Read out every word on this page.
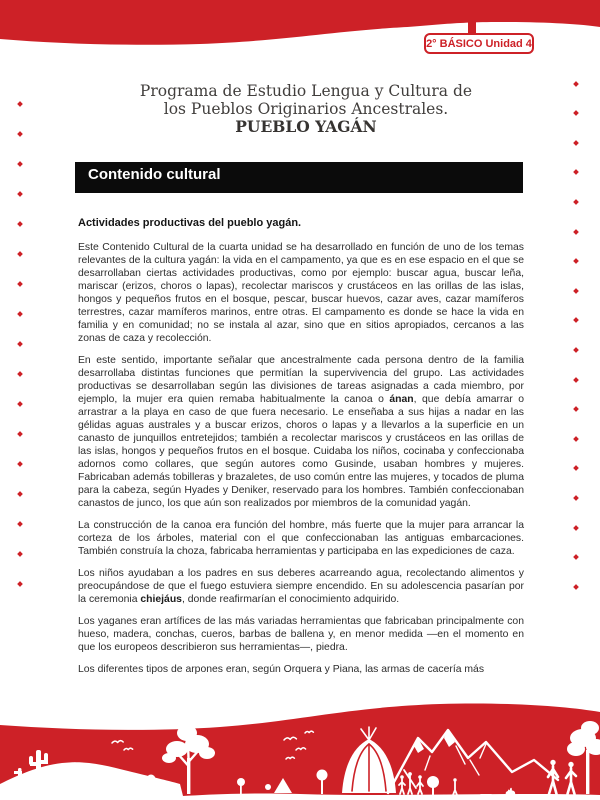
2° BÁSICO Unidad 4
Programa de Estudio Lengua y Cultura de
los Pueblos Originarios Ancestrales.
PUEBLO YAGÁN
Contenido cultural
Actividades productivas del pueblo yagán.

Este Contenido Cultural de la cuarta unidad se ha desarrollado en función de uno de los temas relevantes de la cultura yagán: la vida en el campamento, ya que es en ese espacio en el que se desarrollaban ciertas actividades productivas, como por ejemplo: buscar agua, buscar leña, mariscar (erizos, choros o lapas), recolectar mariscos y crustáceos en las orillas de las islas, hongos y pequeños frutos en el bosque, pescar, buscar huevos, cazar aves, cazar mamíferos terrestres, cazar mamíferos marinos, entre otras. El campamento es donde se hace la vida en familia y en comunidad; no se instala al azar, sino que en sitios apropiados, cercanos a las zonas de caza y recolección.

En este sentido, importante señalar que ancestralmente cada persona dentro de la familia desarrollaba distintas funciones que permitían la supervivencia del grupo. Las actividades productivas se desarrollaban según las divisiones de tareas asignadas a cada miembro, por ejemplo, la mujer era quien remaba habitualmente la canoa o ánan, que debía amarrar o arrastrar a la playa en caso de que fuera necesario. Le enseñaba a sus hijas a nadar en las gélidas aguas australes y a buscar erizos, choros o lapas y a llevarlos a la superficie en un canasto de junquillos entretejidos; también a recolectar mariscos y crustáceos en las orillas de las islas, hongos y pequeños frutos en el bosque. Cuidaba los niños, cocinaba y confeccionaba adornos como collares, que según autores como Gusinde, usaban hombres y mujeres. Fabricaban además tobilleras y brazaletes, de uso común entre las mujeres, y tocados de pluma para la cabeza, según Hyades y Deniker, reservado para los hombres. También confeccionaban canastos de junco, los que aún son realizados por miembros de la comunidad yagán.

La construcción de la canoa era función del hombre, más fuerte que la mujer para arrancar la corteza de los árboles, material con el que confeccionaban las antiguas embarcaciones. También construía la choza, fabricaba herramientas y participaba en las expediciones de caza.

Los niños ayudaban a los padres en sus deberes acarreando agua, recolectando alimentos y preocupándose de que el fuego estuviera siempre encendido. En su adolescencia pasarían por la ceremonia chiejáus, donde reafirmarían el conocimiento adquirido.

Los yaganes eran artífices de las más variadas herramientas que fabricaban principalmente con hueso, madera, conchas, cueros, barbas de ballena y, en menor medida —en el momento en que los europeos describieron sus herramientas—, piedra.

Los diferentes tipos de arpones eran, según Orquera y Piana, las armas de cacería más
